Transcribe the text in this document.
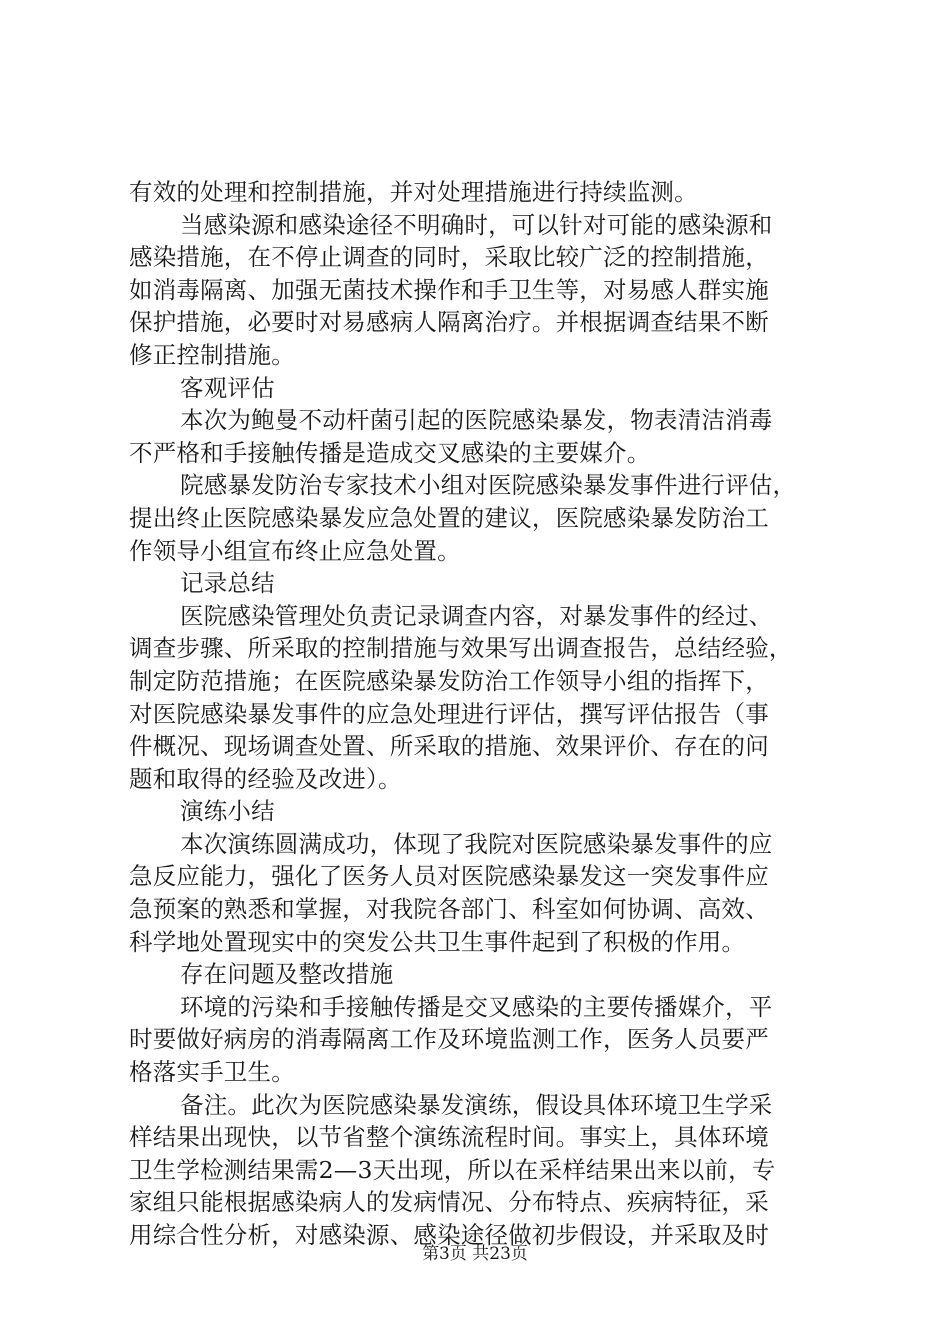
有效的处理和控制措施，并对处理措施进行持续监测。
当感染源和感染途径不明确时，可以针对可能的感染源和
感染措施，在不停止调查的同时，采取比较广泛的控制措施，
如消毒隔离、加强无菌技术操作和手卫生等，对易感人群实施
保护措施，必要时对易感病人隔离治疗。并根据调查结果不断
修正控制措施。
客观评估
本次为鲍曼不动杆菌引起的医院感染暴发，物表清洁消毒
不严格和手接触传播是造成交叉感染的主要媒介。
院感暴发防治专家技术小组对医院感染暴发事件进行评估，
提出终止医院感染暴发应急处置的建议，医院感染暴发防治工
作领导小组宣布终止应急处置。
记录总结
医院感染管理处负责记录调查内容，对暴发事件的经过、
调查步骤、所采取的控制措施与效果写出调查报告，总结经验，
制定防范措施；在医院感染暴发防治工作领导小组的指挥下，
对医院感染暴发事件的应急处理进行评估，撰写评估报告（事
件概况、现场调查处置、所采取的措施、效果评价、存在的问
题和取得的经验及改进）。
演练小结
本次演练圆满成功，体现了我院对医院感染暴发事件的应
急反应能力，强化了医务人员对医院感染暴发这一突发事件应
急预案的熟悉和掌握，对我院各部门、科室如何协调、高效、
科学地处置现实中的突发公共卫生事件起到了积极的作用。
存在问题及整改措施
环境的污染和手接触传播是交叉感染的主要传播媒介，平
时要做好病房的消毒隔离工作及环境监测工作，医务人员要严
格落实手卫生。
备注。此次为医院感染暴发演练，假设具体环境卫生学采
样结果出现快，以节省整个演练流程时间。事实上，具体环境
卫生学检测结果需2—3天出现，所以在采样结果出来以前，专
家组只能根据感染病人的发病情况、分布特点、疾病特征，采
用综合性分析，对感染源、感染途径做初步假设，并采取及时
第3页 共23页
